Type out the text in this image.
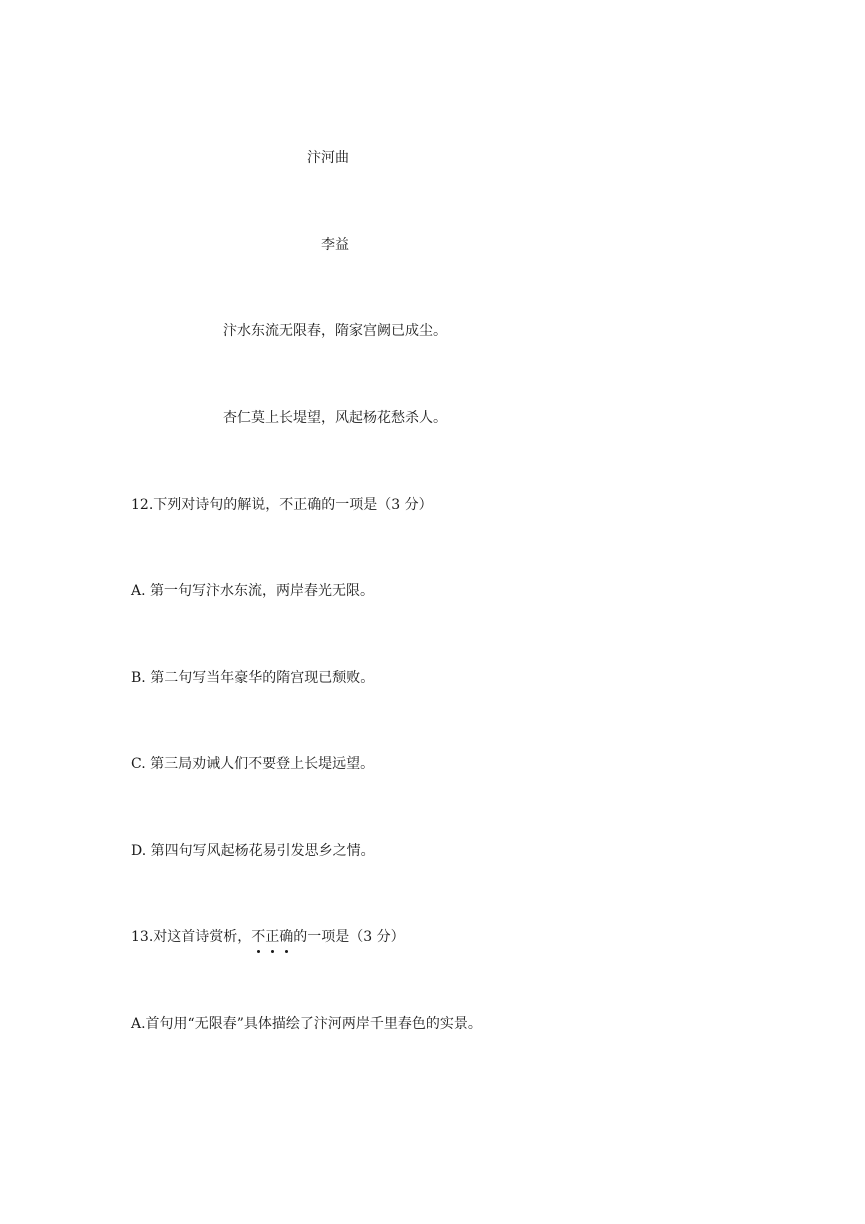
汴河曲
李益
汴水东流无限春，隋家宫阙已成尘。
杏仁莫上长堤望，风起杨花愁杀人。
12.下列对诗句的解说，不正确的一项是（3 分）
A. 第一句写汴水东流，两岸春光无限。
B. 第二句写当年豪华的隋宫现已颓败。
C. 第三局劝诫人们不要登上长堤远望。
D. 第四句写风起杨花易引发思乡之情。
13.对这首诗赏析，不正确的一项是（3 分）
A.首句用“无限春”具体描绘了汴河两岸千里春色的实景。
